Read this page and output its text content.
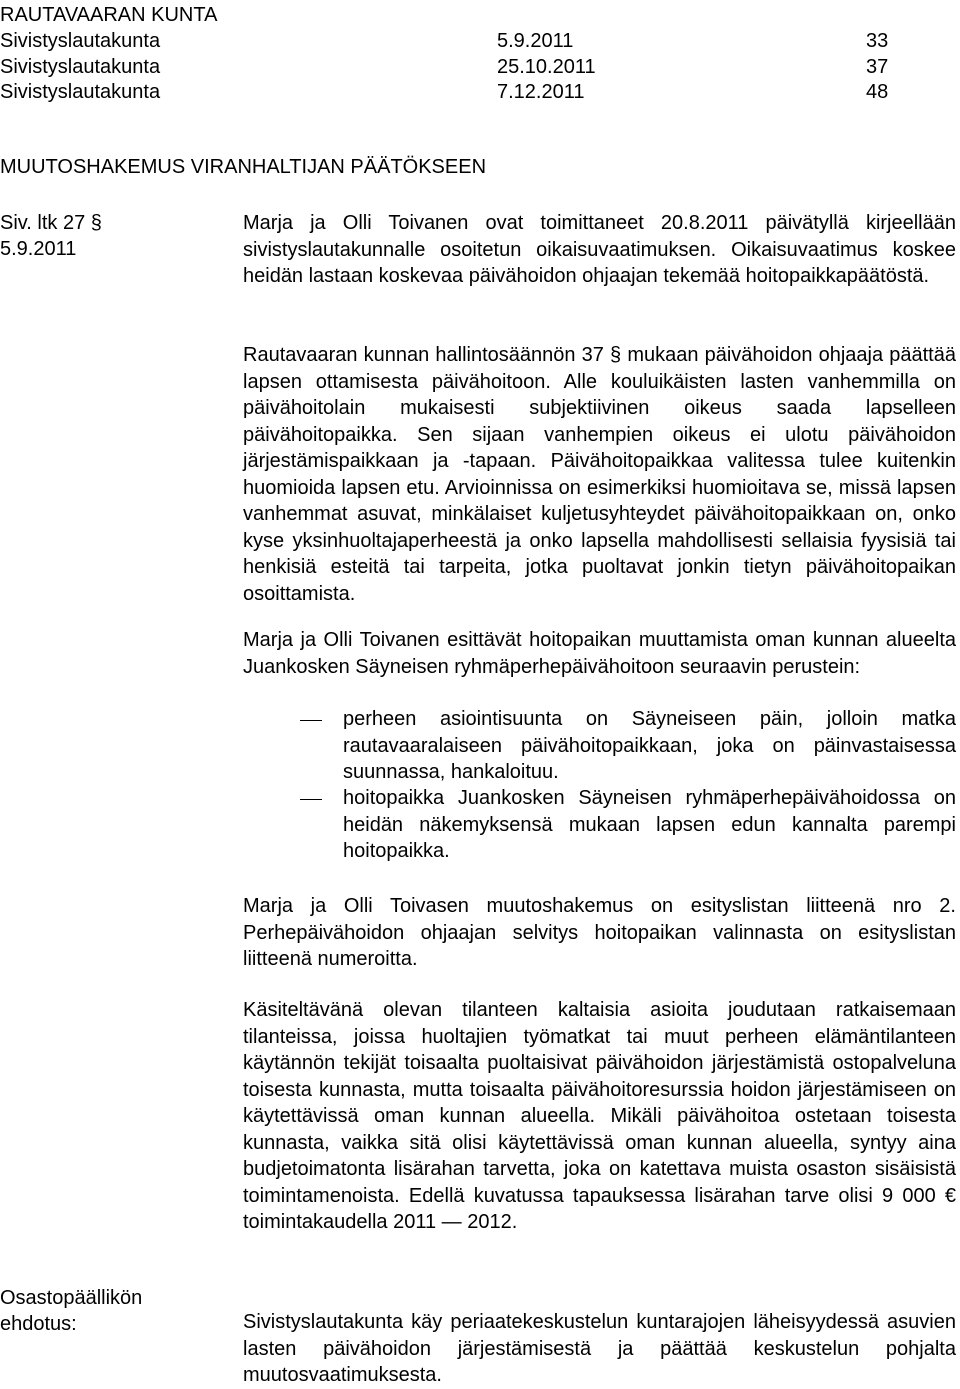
RAUTAVAARAN KUNTA
Sivistyslautakunta	5.9.2011	33
Sivistyslautakunta	25.10.2011	37
Sivistyslautakunta	7.12.2011	48
MUUTOSHAKEMUS VIRANHALTIJAN PÄÄTÖKSEEN
Siv. ltk 27 §
5.9.2011

Marja ja Olli Toivanen ovat toimittaneet 20.8.2011 päivätyllä kirjeellään sivistyslautakunnalle osoitetun oikaisuvaatimuksen. Oikaisuvaatimus koskee heidän lastaan koskevaa päivähoidon ohjaajan tekemää hoitopaikkapäätöstä.

Rautavaaran kunnan hallintosäännön 37 § mukaan päivähoidon ohjaaja päättää lapsen ottamisesta päivähoitoon. Alle kouluikäisten lasten vanhemmilla on päivähoitolain mukaisesti subjektiivinen oikeus saada lapselleen päivähoitopaikka. Sen sijaan vanhempien oikeus ei ulotu päivähoidon järjestämispaikkaan ja -tapaan. Päivähoitopaikkaa valitessa tulee kuitenkin huomioida lapsen etu. Arvioinnissa on esimerkiksi huomioitava se, missä lapsen vanhemmat asuvat, minkälaiset kuljetusyhteydet päivähoitopaikkaan on, onko kyse yksinhuoltajaperheestä ja onko lapsella mahdollisesti sellaisia fyysisiä tai henkisiä esteitä tai tarpeita, jotka puoltavat jonkin tietyn päivähoitopaikan osoittamista.

Marja ja Olli Toivanen esittävät hoitopaikan muuttamista oman kunnan alueelta Juankosken Säyneisen ryhmäperhepäivähoitoon seuraavin perustein:

perheen asiointisuunta on Säyneiseen päin, jolloin matka rautavaaralaiseen päivähoitopaikkaan, joka on päinvastaisessa suunnassa, hankaloituu.

hoitopaikka Juankosken Säyneisen ryhmäperhepäivähoidossa on heidän näkemyksensä mukaan lapsen edun kannalta parempi hoitopaikka.

Marja ja Olli Toivasen muutoshakemus on esityslistan liitteenä nro 2. Perhepäivähoidon ohjaajan selvitys hoitopaikan valinnasta on esityslistan liitteenä numeroitta.

Käsiteltävänä olevan tilanteen kaltaisia asioita joudutaan ratkaisemaan tilanteissa, joissa huoltajien työmatkat tai muut perheen elämäntilanteen käytännön tekijät toisaalta puoltaisivat päivähoidon järjestämistä ostopalveluna toisesta kunnasta, mutta toisaalta päivähoitoresurssia hoidon järjestämiseen on käytettävissä oman kunnan alueella. Mikäli päivähoitoa ostetaan toisesta kunnasta, vaikka sitä olisi käytettävissä oman kunnan alueella, syntyy aina budjetoimatonta lisärahan tarvetta, joka on katettava muista osaston sisäisistä toimintamenoista. Edellä kuvatussa tapauksessa lisärahan tarve olisi 9 000 € toimintakaudella 2011 — 2012.

Osastopäällikön
ehdotus:	Sivistyslautakunta käy periaatekeskustelun kuntarajojen läheisyydessä asuvien lasten päivähoidon järjestämisestä ja päättää keskustelun pohjalta muutosvaatimuksesta.
